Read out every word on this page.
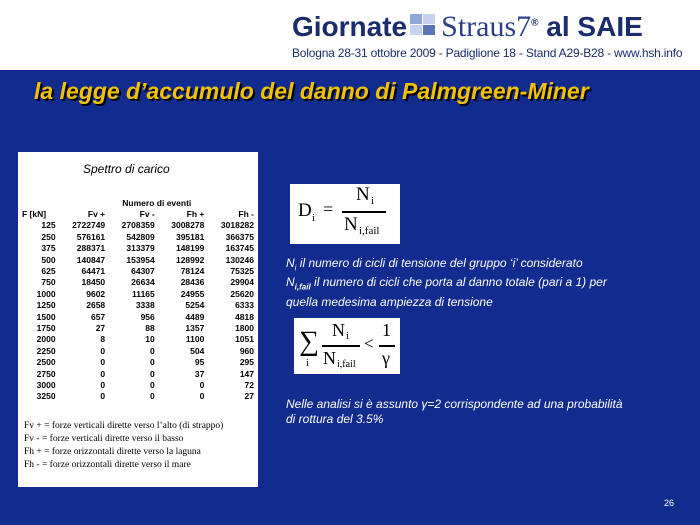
Giornate Straus7® al SAIE
Bologna 28-31 ottobre 2009 - Padiglione 18 - Stand A29-B28 - www.hsh.info
la legge d’accumulo del danno di Palmgreen-Miner
Spettro di carico
	Numero di eventi			
F [kN]	Fv +	Fv -	Fh +	Fh -
125	2722749	2708359	3008278	3018282
250	576161	542809	395181	366375
375	288371	313379	148199	163745
500	140847	153954	128992	130246
625	64471	64307	78124	75325
750	18450	26634	28436	29904
1000	9602	11165	24955	25620
1250	2658	3338	5254	6333
1500	657	956	4489	4818
1750	27	88	1357	1800
2000	8	10	1100	1051
2250	0	0	504	960
2500	0	0	95	295
2750	0	0	37	147
3000	0	0	0	72
3250	0	0	0	27
Fv + = forze verticali dirette verso l’alto (di strappo)
Fv - = forze verticali dirette verso il basso
Fh + = forze orizzontali dirette verso la laguna
Fh - = forze orizzontali dirette verso il mare
D i =
N i
N i,fail
$N_i$ il numero di cicli di tensione del gruppo ‘i’ considerato
$N_{i,fail}$ il numero di cicli che porta al danno totale (pari a 1) per
quella medesima ampiezza di tensione
∑
i
N i
N i,fail
<
1
γ
Nelle analisi si è assunto γ=2 corrispondente ad una probabilità
di rottura del 3.5%
26
